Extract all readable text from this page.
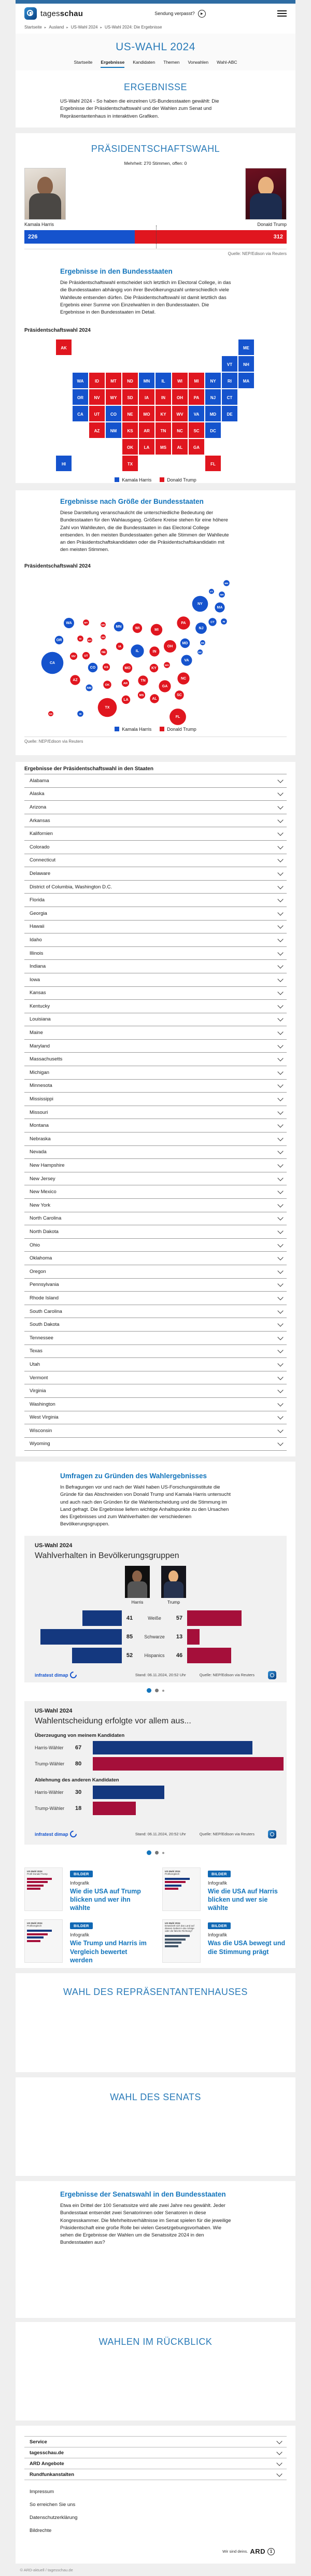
tagesschau	Sendung verpasst?	▶
Startseite ▸ Ausland ▸ US-Wahl 2024 ▸ US-Wahl 2024: Die Ergebnisse
US-WAHL 2024
Startseite Ergebnisse Kandidaten Themen Vorwahlen Wahl-ABC
ERGEBNISSE
US-Wahl 2024 - So haben die einzelnen US-Bundesstaaten gewählt: Die Ergebnisse der Präsidentschaftswahl und der Wahlen zum Senat und Repräsentantenhaus in interaktiven Grafiken.
PRÄSIDENTSCHAFTSWAHL
Mehrheit: 270 Stimmen, offen: 0
Kamala Harris	Donald Trump
226	312
Quelle: NEP/Edison via Reuters
Ergebnisse in den Bundesstaaten
Die Präsidentschaftswahl entscheidet sich letztlich im Electoral College, in das die Bundesstaaten abhängig von ihrer Bevölkerungszahl unterschiedlich viele Wahlleute entsenden dürfen. Die Präsidentschaftswahl ist damit letztlich das Ergebnis einer Summe von Einzelwahlen in den Bundesstaaten. Die Ergebnisse in den Bundesstaaten im Detail.
Präsidentschaftswahl 2024
AK	ME
VT	NH
WA	ID	MT	ND MN	IL	WI	MI	NY	RI	MA
OR	NV WY SD	IA	IN	OH	PA	NJ	CT
CA	UT	CO	NE MO KY WV	VA	MD	DE
AZ	NM	KS	AR	TN	NC	SC	DC
OK	LA	MS	AL	GA
HI	TX	FL
Kamala Harris	Donald Trump
Ergebnisse nach Größe der Bundesstaaten
Diese Darstellung veranschaulicht die unterschiedliche Bedeutung der Bundesstaaten für den Wahlausgang. Größere Kreise stehen für eine höhere Zahl von Wahlleuten, die die Bundesstaaten in das Electoral College entsenden. In den meisten Bundesstaaten gehen alle Stimmen der Wahlleute an den Präsidentschaftskandidaten oder die Präsidentschaftskandidatin mit den meisten Stimmen.
Präsidentschaftswahl 2024
AK
ME
VT
NH
WA
ID
MT
ND	MN
IL
WI	MI
NY
RI
MA
OR
NV
WY
SD
IA
IN
OH
PA
NJ
CT
CA
UT
CO
NE
MO	KY
WV
VA
MD	DE
AZ
NM
KS
AR
TN
NC
SC
DC
OK
LA
MS
AL
GA
HI
TX
FL
Kamala Harris	Donald Trump
Quelle: NEP/Edison via Reuters
Ergebnisse der Präsidentschaftswahl in den Staaten
Alabama
Alaska
Arizona
Arkansas
Kalifornien
Colorado
Connecticut
Delaware
District of Columbia, Washington D.C.
Florida
Georgia
Hawaii
Idaho
Illinois
Indiana
Iowa
Kansas
Kentucky
Louisiana
Maine
Maryland
Massachusetts
Michigan
Minnesota
Mississippi
Missouri
Montana
Nebraska
Nevada
New Hampshire
New Jersey
New Mexico
New York
North Carolina
North Dakota
Ohio
Oklahoma
Oregon
Pennsylvania
Rhode Island
South Carolina
South Dakota
Tennessee
Texas
Utah
Vermont
Virginia
Washington
West Virginia
Wisconsin
Wyoming
Umfragen zu Gründen des Wahlergebnisses
In Befragungen vor und nach der Wahl haben US-Forschungsinstitute die Gründe für das Abschneiden von Donald Trump und Kamala Harris untersucht und auch nach den Gründen für die Wahlentscheidung und die Stimmung im Land gefragt. Die Ergebnisse liefern wichtige Anhaltspunkte zu den Ursachen des Ergebnisses und zum Wahlverhalten der verschiedenen Bevölkerungsgruppen.
US-Wahl 2024
Wahlverhalten in Bevölkerungsgruppen
Harris	Trump
41	Weiße	57
85	Schwarze	13
52	Hispanics	46
infratest dimap	Stand: 06.11.2024, 20:52 Uhr	Quelle: NEP/Edison via Reuters
US-Wahl 2024
Wahlentscheidung erfolgte vor allem aus...
Überzeugung von meinem Kandidaten
Harris-Wähler	67
Trump-Wähler	80
Ablehnung des anderen Kandidaten
Harris-Wähler	30
Trump-Wähler	18
infratest dimap	Stand: 06.11.2024, 20:52 Uhr	Quelle: NEP/Edison via Reuters
US-Wahl 2024
Profil Donald Trump	BILDER
Infografik
Wie die USA auf Trump blicken und wer ihn wählte
US-Wahl 2024
Profilvergleich	BILDER
Infografik
Wie die USA auf Harris blicken und wer sie wählte
US-Wahl 2024
Profilvergleich	BILDER
Infografik
Wie Trump und Harris im Vergleich bewertet werden
US-Wahl 2024
Entwickelt sich das Land auf diesem Gebiet in die richtige oder die falsche Richtung?
BILDER
Infografik
Was die USA bewegt und die Stimmung prägt
WAHL DES REPRÄSENTANTENHAUSES
WAHL DES SENATS
Ergebnisse der Senatswahl in den Bundesstaaten
Etwa ein Drittel der 100 Senatssitze wird alle zwei Jahre neu gewählt. Jeder Bundesstaat entsendet zwei Senatorinnen oder Senatoren in diese Kongresskammer. Die Mehrheitsverhältnisse im Senat spielen für die jeweilige Präsidentschaft eine große Rolle bei vielen Gesetzgebungsvorhaben. Wie sehen die Ergebnisse der Wahlen um die Senatssitze 2024 in den Bundesstaaten aus?
WAHLEN IM RÜCKBLICK
Service
tagesschau.de
ARD Angebote
Rundfunkanstalten
Impressum
So erreichen Sie uns
Datenschutzerklärung
Bildrechte
Wir sind deins. ARD	1
© ARD-aktuell / tagesschau.de
